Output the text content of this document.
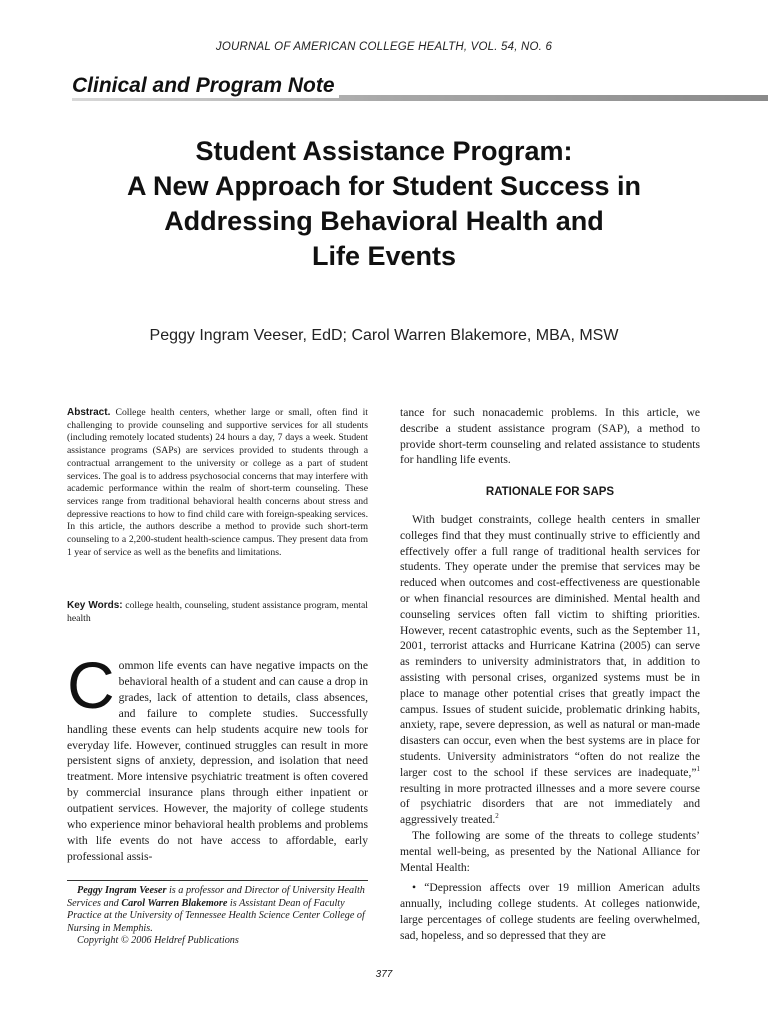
JOURNAL OF AMERICAN COLLEGE HEALTH, VOL. 54, NO. 6
Clinical and Program Note
Student Assistance Program:
A New Approach for Student Success in
Addressing Behavioral Health and
Life Events
Peggy Ingram Veeser, EdD; Carol Warren Blakemore, MBA, MSW
Abstract. College health centers, whether large or small, often find it challenging to provide counseling and supportive services for all students (including remotely located students) 24 hours a day, 7 days a week. Student assistance programs (SAPs) are services provided to students through a contractual arrangement to the university or college as a part of student services. The goal is to address psychosocial concerns that may interfere with academic performance within the realm of short-term counseling. These services range from traditional behavioral health concerns about stress and depressive reactions to how to find child care with foreign-speaking services. In this article, the authors describe a method to provide such short-term counseling to a 2,200-student health-science campus. They present data from 1 year of service as well as the benefits and limitations.
Key Words: college health, counseling, student assistance program, mental health
C ommon life events can have negative impacts on the behavioral health of a student and can cause a drop in grades, lack of attention to details, class absences, and failure to complete studies. Successfully handling these events can help students acquire new tools for everyday life. However, continued struggles can result in more persistent signs of anxiety, depression, and isolation that need treatment. More intensive psychiatric treatment is often covered by commercial insurance plans through either inpatient or outpatient services. However, the majority of college students who experience minor behavioral health problems and problems with life events do not have access to affordable, early professional assis-

Peggy Ingram Veeser is a professor and Director of University Health Services and Carol Warren Blakemore is Assistant Dean of Faculty Practice at the University of Tennessee Health Science Center College of Nursing in Memphis.

Copyright © 2006 Heldref Publications

tance for such nonacademic problems. In this article, we describe a student assistance program (SAP), a method to provide short-term counseling and related assistance to students for handling life events.

RATIONALE FOR SAPS

With budget constraints, college health centers in smaller colleges find that they must continually strive to efficiently and effectively offer a full range of traditional health services for students. They operate under the premise that services may be reduced when outcomes and cost-effectiveness are questionable or when financial resources are diminished. Mental health and counseling services often fall victim to shifting priorities. However, recent catastrophic events, such as the September 11, 2001, terrorist attacks and Hurricane Katrina (2005) can serve as reminders to university administrators that, in addition to assisting with personal crises, organized systems must be in place to manage other potential crises that greatly impact the campus. Issues of student suicide, problematic drinking habits, anxiety, rape, severe depression, as well as natural or man-made disasters can occur, even when the best systems are in place for students. University administrators “often do not realize the larger cost to the school if these services are inadequate,”$^1$ resulting in more protracted illnesses and a more severe course of psychiatric disorders that are not immediately and aggressively treated.$^2$

The following are some of the threats to college students’ mental well-being, as presented by the National Alliance for Mental Health:

• “Depression affects over 19 million American adults annually, including college students. At colleges nationwide, large percentages of college students are feeling overwhelmed, sad, hopeless, and so depressed that they are

377
